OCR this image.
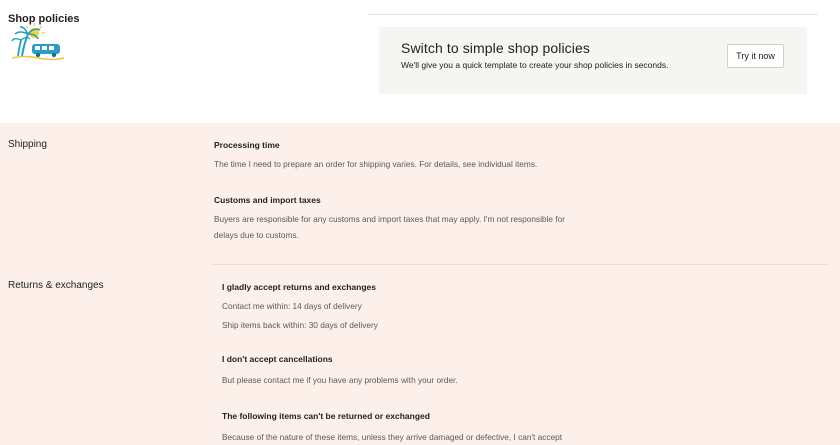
Shop policies
Switch to simple shop policies
We'll give you a quick template to create your shop policies in seconds.
Try it now
Shipping	Processing time
The time I need to prepare an order for shipping varies. For details, see individual items.
Customs and import taxes
Buyers are responsible for any customs and import taxes that may apply. I'm not responsible for
delays due to customs.
Returns & exchanges	I gladly accept returns and exchanges
Contact me within: 14 days of delivery
Ship items back within: 30 days of delivery
I don't accept cancellations
But please contact me if you have any problems with your order.
The following items can't be returned or exchanged
Because of the nature of these items, unless they arrive damaged or defective, I can't accept
